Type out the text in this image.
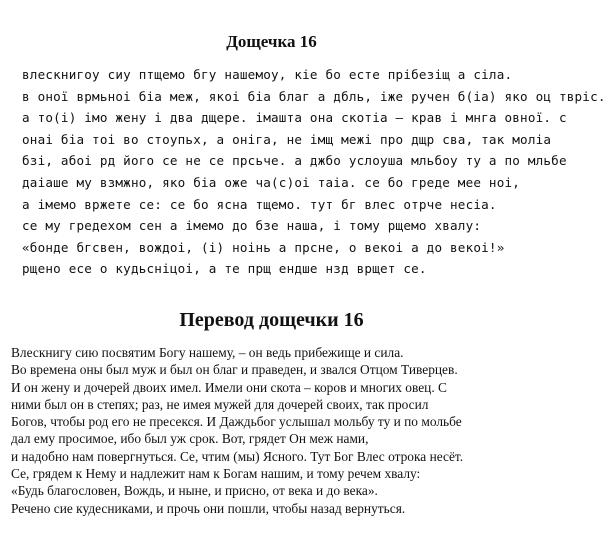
Дощечка 16
влескнигоу сиу птщемо бгу нашемоу, кіе бо есте прібезіщ а сіла.
в оної врмьноі біа меж, якоі біа благ а дбль, іже ручен б(іа) яко оц твріс.
а то(і) імо жену і два дщере. імашта она скотіа – крав і мнга овної. с
онаі біа тоі во стоупьх, а оніга, не імщ межі про дщр сва, так моліа
бзі, абоі рд його се не се прсьче. а джбо услоуша мльбоу ту а по мльбе
даіаше му взмжно, яко біа оже ча(с)оі таіа. се бо греде мее ноі,
а імемо вржете се: се бо ясна тщемо. тут бг влес отрче несіа.
се му гредехом сен а імемо до бзе наша, і тому рщемо хвалу:
«бонде бгсвен, вождоі, (і) ноінь а прсне, о векоі а до векоі!»
рщено есе о кудьсніцоі, а те прщ ендше нзд врщет се.
Перевод дощечки 16
Влескнигу сию посвятим Богу нашему, – он ведь прибежище и сила.
Во времена оны был муж и был он благ и праведен, и звался Отцом Тиверцев.
И он жену и дочерей двоих имел. Имели они скота – коров и многих овец. С
ними был он в степях; раз, не имея мужей для дочерей своих, так просил
Богов, чтобы род его не пресекся. И Даждьбог услышал мольбу ту и по мольбе
дал ему просимое, ибо был уж срок. Вот, грядет Он меж нами,
и надобно нам повергнуться. Се, чтим (мы) Ясного. Тут Бог Влес отрока несёт.
Се, грядем к Нему и надлежит нам к Богам нашим, и тому речем хвалу:
«Будь благословен, Вождь, и ныне, и присно, от века и до века».
Речено сие кудесниками, и прочь они пошли, чтобы назад вернуться.
